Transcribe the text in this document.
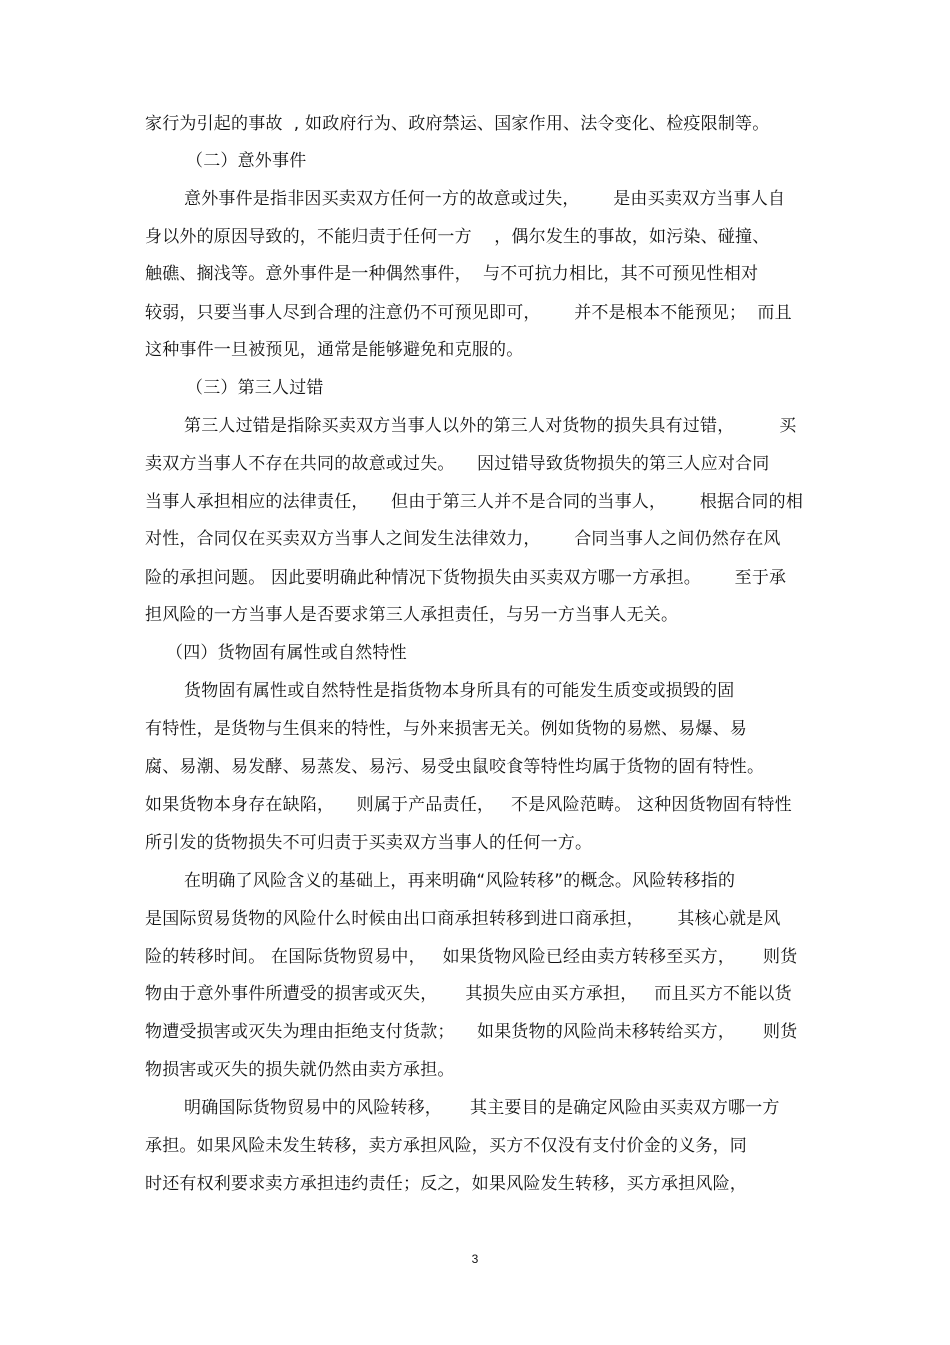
家行为引起的事故  , 如政府行为、政府禁运、国家作用、法令变化、检疫限制等。
（二）意外事件
意外事件是指非因买卖双方任何一方的故意或过失，      是由买卖双方当事人自
身以外的原因导致的，不能归责于任何一方    ，偶尔发生的事故，如污染、碰撞、
触礁、搁浅等。意外事件是一种偶然事件，  与不可抗力相比，其不可预见性相对
较弱，只要当事人尽到合理的注意仍不可预见即可，      并不是根本不能预见；  而且
这种事件一旦被预见，通常是能够避免和克服的。
（三）第三人过错
第三人过错是指除买卖双方当事人以外的第三人对货物的损失具有过错，        买
卖双方当事人不存在共同的故意或过失。    因过错导致货物损失的第三人应对合同
当事人承担相应的法律责任，    但由于第三人并不是合同的当事人，      根据合同的相
对性，合同仅在买卖双方当事人之间发生法律效力，      合同当事人之间仍然存在风
险的承担问题。 因此要明确此种情况下货物损失由买卖双方哪一方承担。      至于承
担风险的一方当事人是否要求第三人承担责任，与另一方当事人无关。
（四）货物固有属性或自然特性
货物固有属性或自然特性是指货物本身所具有的可能发生质变或损毁的固
有特性，是货物与生俱来的特性，与外来损害无关。例如货物的易燃、易爆、易
腐、易潮、易发酵、易蒸发、易污、易受虫鼠咬食等特性均属于货物的固有特性。
如果货物本身存在缺陷，    则属于产品责任，   不是风险范畴。 这种因货物固有特性
所引发的货物损失不可归责于买卖双方当事人的任何一方。
在明确了风险含义的基础上，再来明确“风险转移”的概念。风险转移指的
是国际贸易货物的风险什么时候由出口商承担转移到进口商承担，      其核心就是风
险的转移时间。 在国际货物贸易中，   如果货物风险已经由卖方转移至买方，     则货
物由于意外事件所遭受的损害或灭失，     其损失应由买方承担，   而且买方不能以货
物遭受损害或灭失为理由拒绝支付货款；    如果货物的风险尚未移转给买方，     则货
物损害或灭失的损失就仍然由卖方承担。
明确国际货物贸易中的风险转移，     其主要目的是确定风险由买卖双方哪一方
承担。如果风险未发生转移，卖方承担风险，买方不仅没有支付价金的义务，同
时还有权利要求卖方承担违约责任；反之，如果风险发生转移，买方承担风险，
3
